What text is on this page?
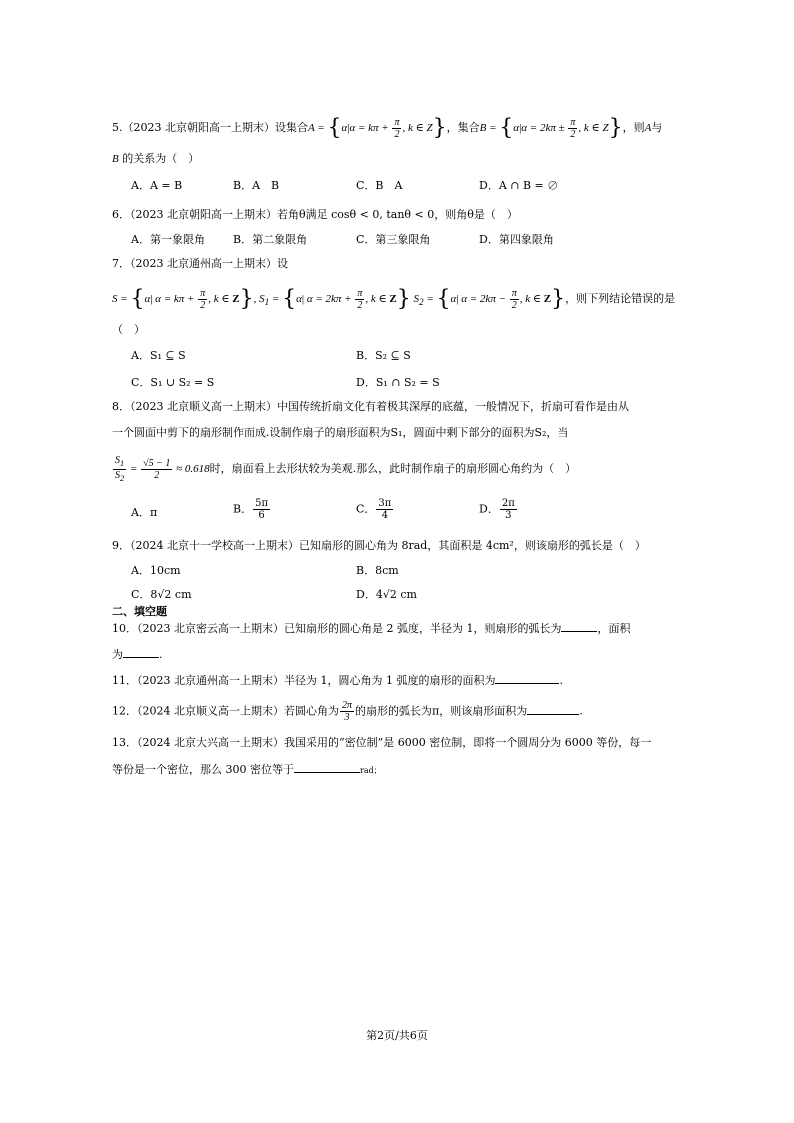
5.（2023 北京朝阳高一上期末）设集合$A = \{\alpha|\alpha = k\pi + \frac{\pi}{2}$ , k ∈ Z}，集合$B = \{\alpha|\alpha = 2k\pi \pm \frac{\pi}{2}$ , k ∈ Z}，则A与
B 的关系为（　）
A．A = B	B．A　B	C．B　A	D．A ∩ B = ∅
6．（2023 北京朝阳高一上期末）若角θ满足 cosθ < 0, tanθ < 0，则角θ是（　）
A．第一象限角	B．第二象限角	C．第三象限角	D．第四象限角
7．（2023 北京通州高一上期末）设
S = {α| $\alpha = k\pi + \frac{\pi}{2}$ , k ∈ Z}, $S_1 = \{\alpha|$ $\alpha = 2k\pi + \frac{\pi}{2}$ , k ∈ Z} $S_2 = \{\alpha|$ $\alpha = 2k\pi - \frac{\pi}{2}$ , k ∈ Z}，则下列结论错误的是
（　）
A．S₁ ⊆ S	B．S₂ ⊆ S
C．S₁ ∪ S₂ = S	D．S₁ ∩ S₂ = S
8．（2023 北京顺义高一上期末）中国传统折扇文化有着极其深厚的底蕴，一般情况下，折扇可看作是由从
一个圆面中剪下的扇形制作而成.设制作扇子的扇形面积为S₁，圆面中剩下部分的面积为S₂，当
$\frac{S_1}{S_2} = \frac{√5 - 1}{2} \approx 0.618$时，扇面看上去形状较为美观.那么，此时制作扇子的扇形圆心角约为（　）
A．π	B． $\frac{5\pi}{6}$	C． $\frac{3\pi}{4}$	D． $\frac{2\pi}{3}$
9．（2024 北京十一学校高一上期末）已知扇形的圆心角为 8rad，其面积是 4cm²，则该扇形的弧长是（　）
A．10cm	B．8cm
C．8√2 cm	D．4√2 cm
二、填空题
10．（2023 北京密云高一上期末）已知扇形的圆心角是 2 弧度，半径为 1，则扇形的弧长为	，面积
为	.
11．（2023 北京通州高一上期末）半径为 1，圆心角为 1 弧度的扇形的面积为	.
12．（2024 北京顺义高一上期末）若圆心角为 $\frac{2\pi}{3}$ 的扇形的弧长为π，则该扇形面积为	.
13．（2024 北京大兴高一上期末）我国采用的“密位制”是 6000 密位制，即将一个圆周分为 6000 等份，每一
等份是一个密位，那么 300 密位等于	rad；
第2页/共6页
